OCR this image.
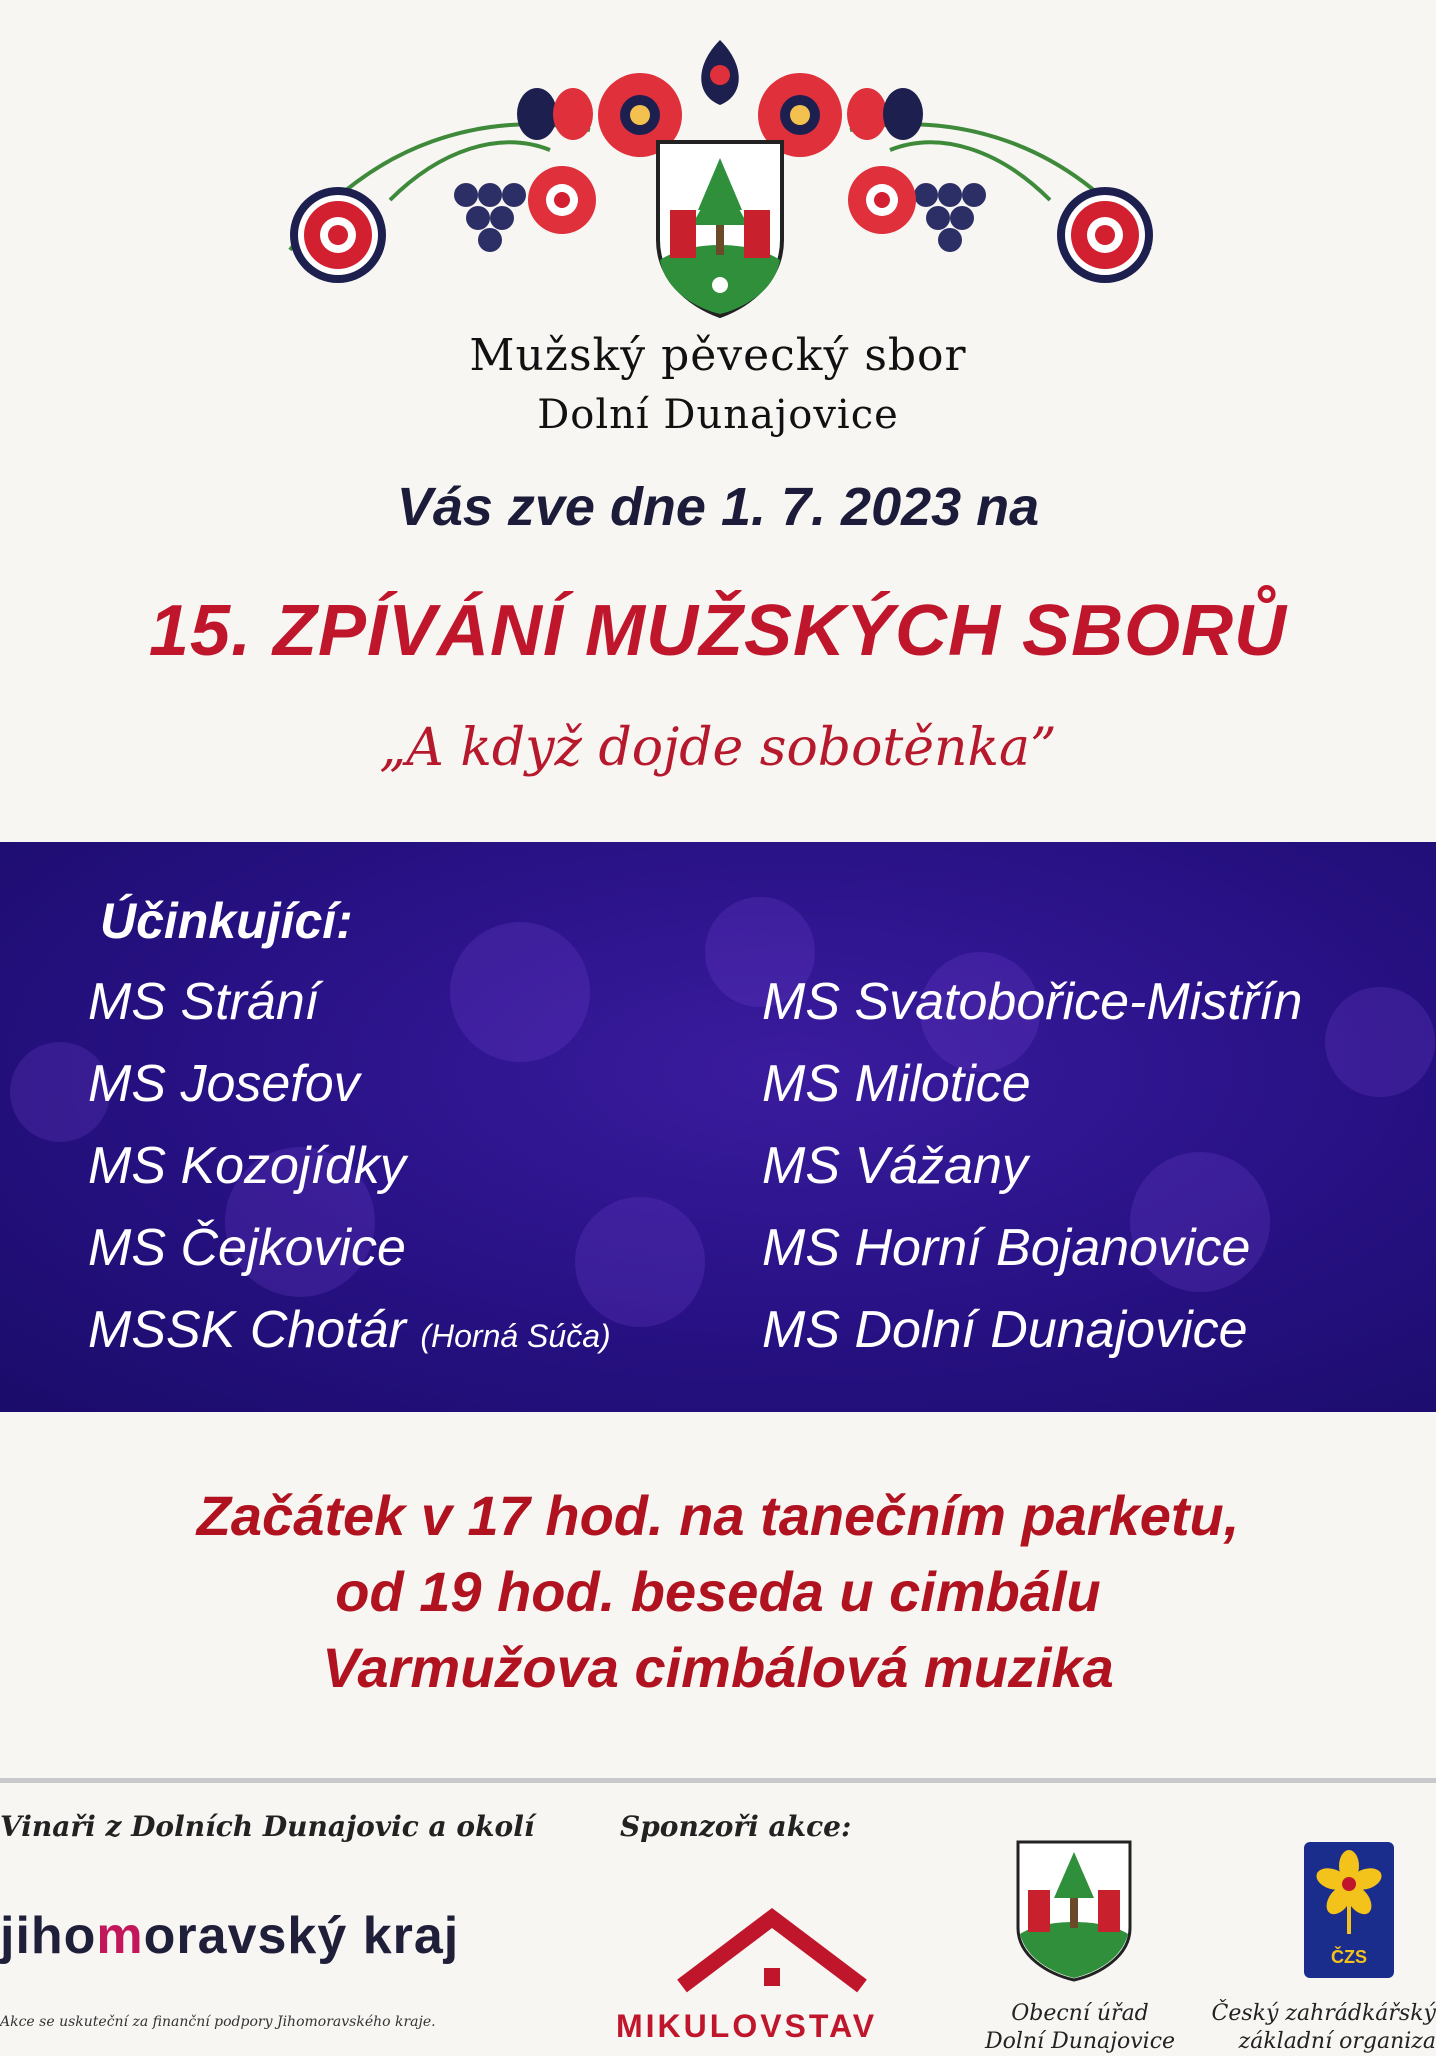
Mužský pěvecký sbor
Dolní Dunajovice
Vás zve dne 1. 7. 2023 na
15. ZPÍVÁNÍ MUŽSKÝCH SBORŮ
„A když dojde sobotěnka”
Účinkující:
MS Strání
MS Josefov
MS Kozojídky
MS Čejkovice
MSSK Chotár (Horná Súča)
MS Svatobořice-Mistřín
MS Milotice
MS Vážany
MS Horní Bojanovice
MS Dolní Dunajovice
Začátek v 17 hod. na tanečním parketu,
od 19 hod. beseda u cimbálu
Varmužova cimbálová muzika
Vinaři z Dolních Dunajovic a okolí	Sponzoři akce:
jihomoravský kraj
Akce se uskuteční za finanční podpory Jihomoravského kraje.	MIKULOVSTAV	Obecní úřad
Dolní Dunajovice
ČZS
Český zahrádkářský
základní organiza
